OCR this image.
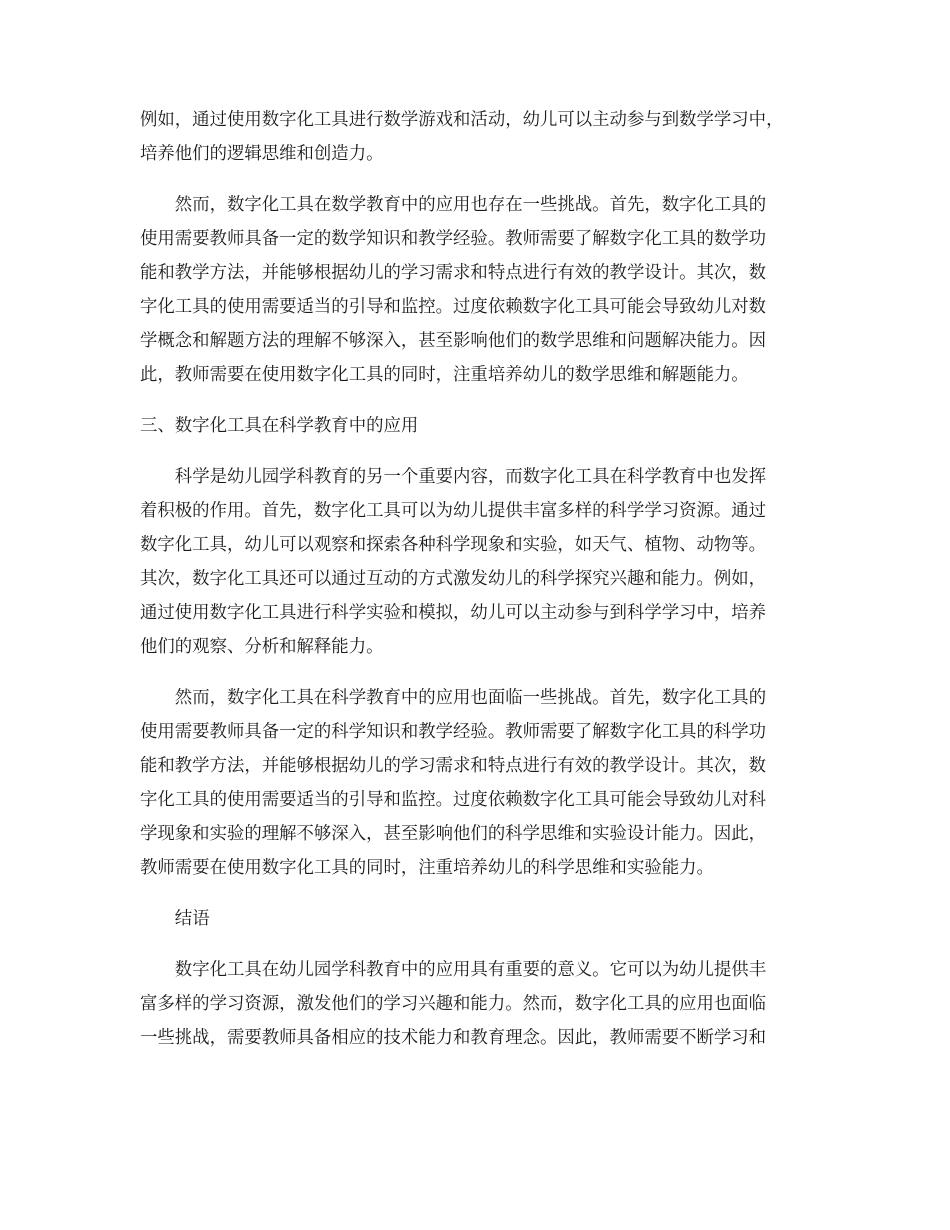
例如，通过使用数字化工具进行数学游戏和活动，幼儿可以主动参与到数学学习中，
培养他们的逻辑思维和创造力。

然而，数字化工具在数学教育中的应用也存在一些挑战。首先，数字化工具的
使用需要教师具备一定的数学知识和教学经验。教师需要了解数字化工具的数学功
能和教学方法，并能够根据幼儿的学习需求和特点进行有效的教学设计。其次，数
字化工具的使用需要适当的引导和监控。过度依赖数字化工具可能会导致幼儿对数
学概念和解题方法的理解不够深入，甚至影响他们的数学思维和问题解决能力。因
此，教师需要在使用数字化工具的同时，注重培养幼儿的数学思维和解题能力。

三、数字化工具在科学教育中的应用

科学是幼儿园学科教育的另一个重要内容，而数字化工具在科学教育中也发挥
着积极的作用。首先，数字化工具可以为幼儿提供丰富多样的科学学习资源。通过
数字化工具，幼儿可以观察和探索各种科学现象和实验，如天气、植物、动物等。
其次，数字化工具还可以通过互动的方式激发幼儿的科学探究兴趣和能力。例如，
通过使用数字化工具进行科学实验和模拟，幼儿可以主动参与到科学学习中，培养
他们的观察、分析和解释能力。

然而，数字化工具在科学教育中的应用也面临一些挑战。首先，数字化工具的
使用需要教师具备一定的科学知识和教学经验。教师需要了解数字化工具的科学功
能和教学方法，并能够根据幼儿的学习需求和特点进行有效的教学设计。其次，数
字化工具的使用需要适当的引导和监控。过度依赖数字化工具可能会导致幼儿对科
学现象和实验的理解不够深入，甚至影响他们的科学思维和实验设计能力。因此，
教师需要在使用数字化工具的同时，注重培养幼儿的科学思维和实验能力。

结语

数字化工具在幼儿园学科教育中的应用具有重要的意义。它可以为幼儿提供丰
富多样的学习资源，激发他们的学习兴趣和能力。然而，数字化工具的应用也面临
一些挑战，需要教师具备相应的技术能力和教育理念。因此，教师需要不断学习和
